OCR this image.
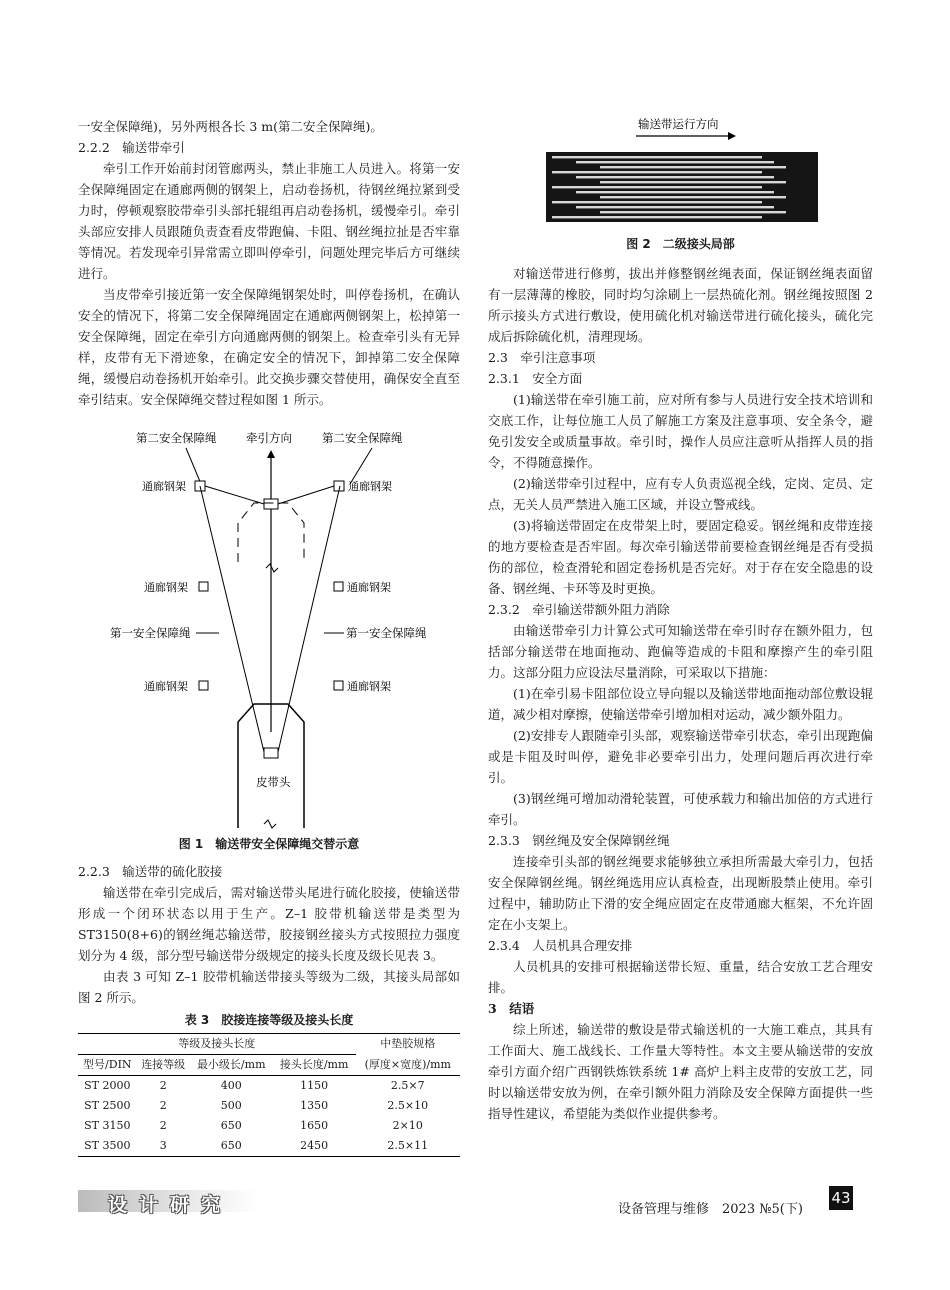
一安全保障绳)，另外两根各长 3 m(第二安全保障绳)。

2.2.2　输送带牵引

牵引工作开始前封闭管廊两头，禁止非施工人员进入。将第一安全保障绳固定在通廊两侧的钢架上，启动卷扬机，待钢丝绳拉紧到受力时，停顿观察胶带牵引头部托辊组再启动卷扬机，缓慢牵引。牵引头部应安排人员跟随负责查看皮带跑偏、卡阻、钢丝绳拉扯是否牢靠等情况。若发现牵引异常需立即叫停牵引，问题处理完毕后方可继续进行。

当皮带牵引接近第一安全保障绳钢架处时，叫停卷扬机，在确认安全的情况下，将第二安全保障绳固定在通廊两侧钢架上，松掉第一安全保障绳，固定在牵引方向通廊两侧的钢架上。检查牵引头有无异样，皮带有无下滑迹象，在确定安全的情况下，卸掉第二安全保障绳，缓慢启动卷扬机开始牵引。此交换步骤交替使用，确保安全直至牵引结束。安全保障绳交替过程如图 1 所示。

第二安全保障绳	牵引方向	第二安全保障绳
通廊钢架	通廊钢架
通廊钢架	通廊钢架
通廊钢架	通廊钢架
第一安全保障绳	第一安全保障绳
皮带头
图 1　输送带安全保障绳交替示意
2.2.3　输送带的硫化胶接

输送带在牵引完成后，需对输送带头尾进行硫化胶接，使输送带形成一个闭环状态以用于生产。Z–1 胶带机输送带是类型为 ST3150(8+6)的钢丝绳芯输送带，胶接钢丝接头方式按照拉力强度划分为 4 级，部分型号输送带分级规定的接头长度及级长见表 3。

由表 3 可知 Z–1 胶带机输送带接头等级为二级，其接头局部如图 2 所示。

表 3　胶接连接等级及接头长度
等级及接头长度				中垫胶规格
型号/DIN	连接等级	最小级长/mm	接头长度/mm	(厚度×宽度)/mm
ST 2000	2	400	1150	2.5×7
ST 2500	2	500	1350	2.5×10
ST 3150	2	650	1650	2×10
ST 3500	3	650	2450	2.5×11
输送带运行方向
图 2　二级接头局部

对输送带进行修剪，拔出并修整钢丝绳表面，保证钢丝绳表面留有一层薄薄的橡胶，同时均匀涂刷上一层热硫化剂。钢丝绳按照图 2 所示接头方式进行敷设，使用硫化机对输送带进行硫化接头，硫化完成后拆除硫化机，清理现场。

2.3　牵引注意事项
2.3.1　安全方面

(1)输送带在牵引施工前，应对所有参与人员进行安全技术培训和交底工作，让每位施工人员了解施工方案及注意事项、安全条令，避免引发安全或质量事故。牵引时，操作人员应注意听从指挥人员的指令，不得随意操作。

(2)输送带牵引过程中，应有专人负责巡视全线，定岗、定员、定点，无关人员严禁进入施工区域，并设立警戒线。

(3)将输送带固定在皮带架上时，要固定稳妥。钢丝绳和皮带连接的地方要检查是否牢固。每次牵引输送带前要检查钢丝绳是否有受损伤的部位，检查滑轮和固定卷扬机是否完好。对于存在安全隐患的设备、钢丝绳、卡环等及时更换。

2.3.2　牵引输送带额外阻力消除

由输送带牵引力计算公式可知输送带在牵引时存在额外阻力，包括部分输送带在地面拖动、跑偏等造成的卡阻和摩擦产生的牵引阻力。这部分阻力应设法尽量消除，可采取以下措施：

(1)在牵引易卡阻部位设立导向辊以及输送带地面拖动部位敷设辊道，减少相对摩擦，使输送带牵引增加相对运动，减少额外阻力。

(2)安排专人跟随牵引头部，观察输送带牵引状态，牵引出现跑偏或是卡阻及时叫停，避免非必要牵引出力，处理问题后再次进行牵引。

(3)钢丝绳可增加动滑轮装置，可使承载力和输出加倍的方式进行牵引。

2.3.3　钢丝绳及安全保障钢丝绳

连接牵引头部的钢丝绳要求能够独立承担所需最大牵引力，包括安全保障钢丝绳。钢丝绳选用应认真检查，出现断股禁止使用。牵引过程中，辅助防止下滑的安全绳应固定在皮带通廊大框架，不允许固定在小支架上。

2.3.4　人员机具合理安排

人员机具的安排可根据输送带长短、重量，结合安放工艺合理安排。

3　结语

综上所述，输送带的敷设是带式输送机的一大施工难点，其具有工作面大、施工战线长、工作量大等特性。本文主要从输送带的安放牵引方面介绍广西钢铁炼铁系统 1# 高炉上料主皮带的安放工艺，同时以输送带安放为例，在牵引额外阻力消除及安全保障方面提供一些指导性建议，希望能为类似作业提供参考。

设计研究	设备管理与维修　2023 №5(下)
43
